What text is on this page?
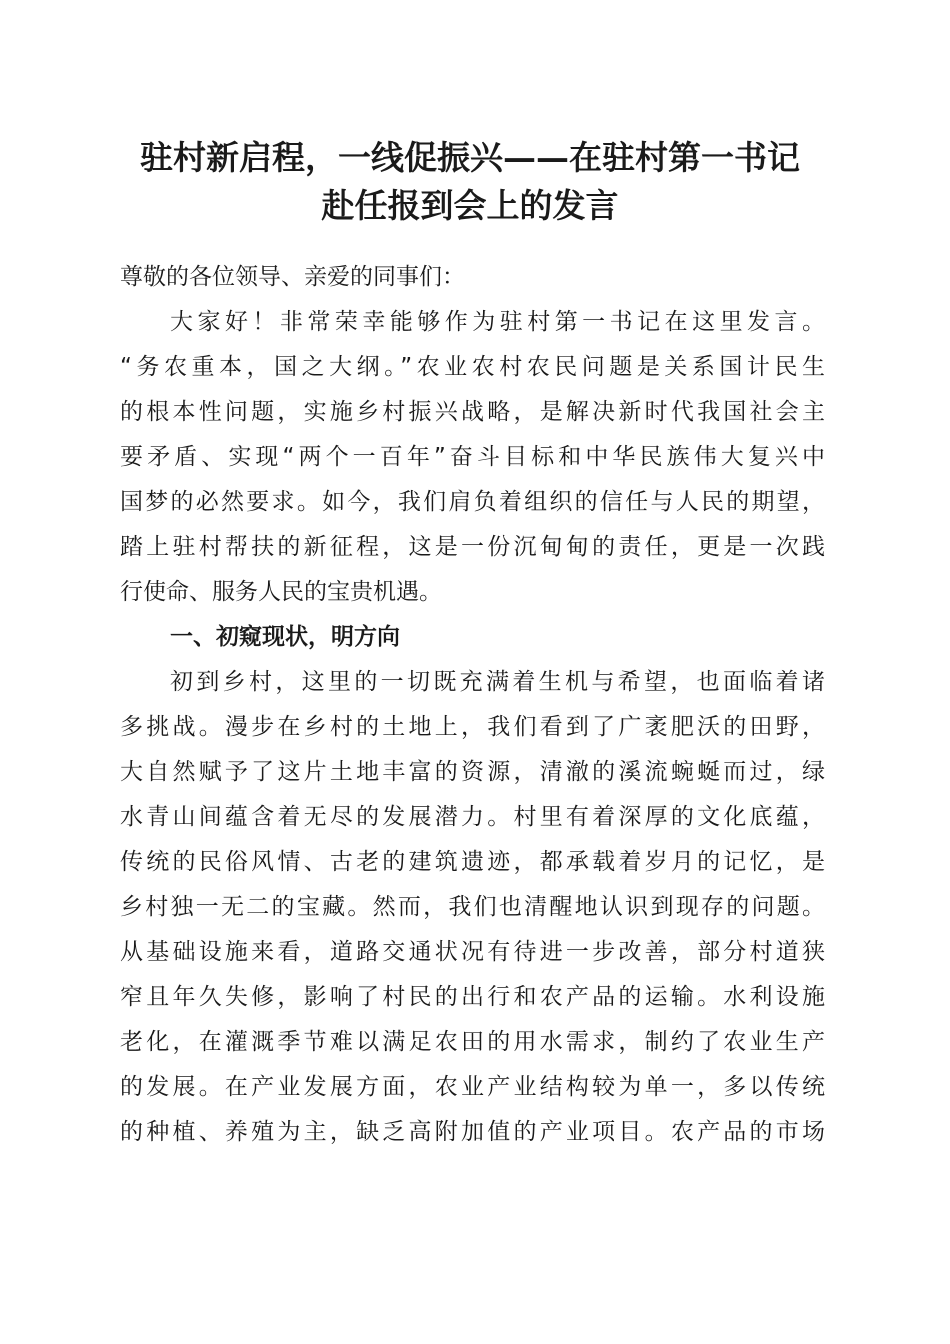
驻村新启程，一线促振兴——在驻村第一书记
赴任报到会上的发言
尊敬的各位领导、亲爱的同事们：
大家好！非常荣幸能够作为驻村第一书记在这里发言。
“务农重本，国之大纲。”农业农村农民问题是关系国计民生
的根本性问题，实施乡村振兴战略，是解决新时代我国社会主
要矛盾、实现“两个一百年”奋斗目标和中华民族伟大复兴中
国梦的必然要求。如今，我们肩负着组织的信任与人民的期望，
踏上驻村帮扶的新征程，这是一份沉甸甸的责任，更是一次践
行使命、服务人民的宝贵机遇。
一、初窥现状，明方向
初到乡村，这里的一切既充满着生机与希望，也面临着诸
多挑战。漫步在乡村的土地上，我们看到了广袤肥沃的田野，
大自然赋予了这片土地丰富的资源，清澈的溪流蜿蜒而过，绿
水青山间蕴含着无尽的发展潜力。村里有着深厚的文化底蕴，
传统的民俗风情、古老的建筑遗迹，都承载着岁月的记忆，是
乡村独一无二的宝藏。然而，我们也清醒地认识到现存的问题。
从基础设施来看，道路交通状况有待进一步改善，部分村道狭
窄且年久失修，影响了村民的出行和农产品的运输。水利设施
老化，在灌溉季节难以满足农田的用水需求，制约了农业生产
的发展。在产业发展方面，农业产业结构较为单一，多以传统
的种植、养殖为主，缺乏高附加值的产业项目。农产品的市场
